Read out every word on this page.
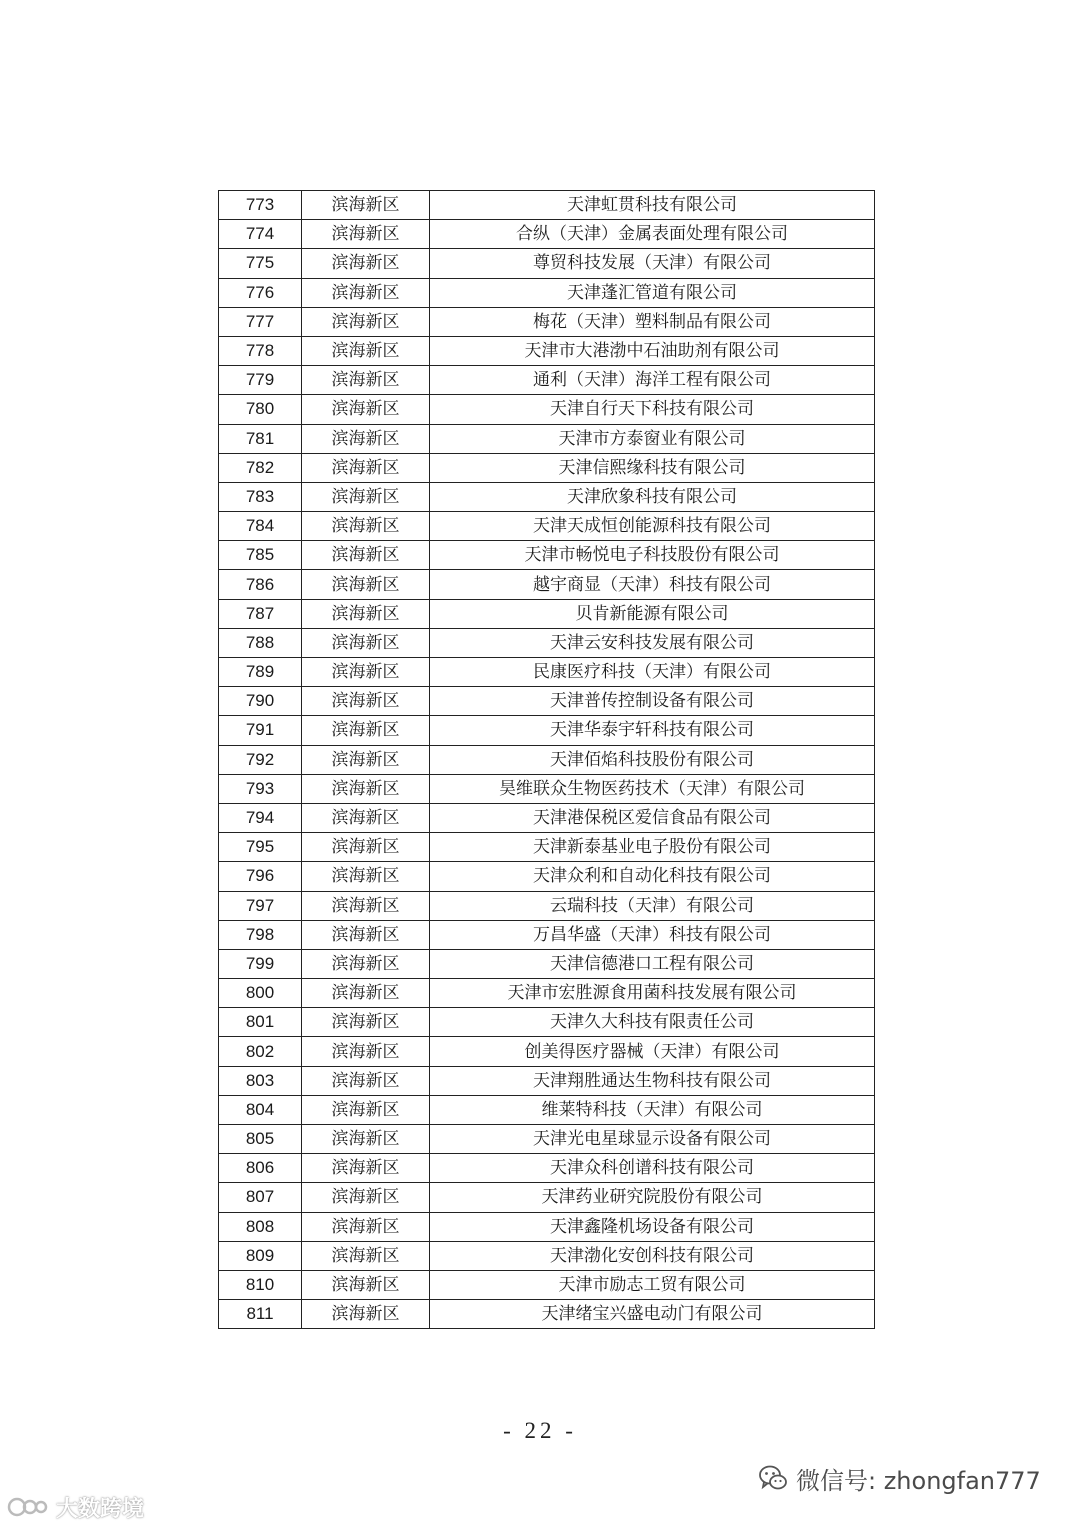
773	滨海新区	天津虹贯科技有限公司
774	滨海新区	合纵（天津）金属表面处理有限公司
775	滨海新区	尊贸科技发展（天津）有限公司
776	滨海新区	天津蓬汇管道有限公司
777	滨海新区	梅花（天津）塑料制品有限公司
778	滨海新区	天津市大港渤中石油助剂有限公司
779	滨海新区	通利（天津）海洋工程有限公司
780	滨海新区	天津自行天下科技有限公司
781	滨海新区	天津市方泰窗业有限公司
782	滨海新区	天津信熙缘科技有限公司
783	滨海新区	天津欣象科技有限公司
784	滨海新区	天津天成恒创能源科技有限公司
785	滨海新区	天津市畅悦电子科技股份有限公司
786	滨海新区	越宇商显（天津）科技有限公司
787	滨海新区	贝肯新能源有限公司
788	滨海新区	天津云安科技发展有限公司
789	滨海新区	民康医疗科技（天津）有限公司
790	滨海新区	天津普传控制设备有限公司
791	滨海新区	天津华泰宇轩科技有限公司
792	滨海新区	天津佰焰科技股份有限公司
793	滨海新区	昊维联众生物医药技术（天津）有限公司
794	滨海新区	天津港保税区爱信食品有限公司
795	滨海新区	天津新泰基业电子股份有限公司
796	滨海新区	天津众利和自动化科技有限公司
797	滨海新区	云瑞科技（天津）有限公司
798	滨海新区	万昌华盛（天津）科技有限公司
799	滨海新区	天津信德港口工程有限公司
800	滨海新区	天津市宏胜源食用菌科技发展有限公司
801	滨海新区	天津久大科技有限责任公司
802	滨海新区	创美得医疗器械（天津）有限公司
803	滨海新区	天津翔胜通达生物科技有限公司
804	滨海新区	维莱特科技（天津）有限公司
805	滨海新区	天津光电星球显示设备有限公司
806	滨海新区	天津众科创谱科技有限公司
807	滨海新区	天津药业研究院股份有限公司
808	滨海新区	天津鑫隆机场设备有限公司
809	滨海新区	天津渤化安创科技有限公司
810	滨海新区	天津市励志工贸有限公司
811	滨海新区	天津绪宝兴盛电动门有限公司
- 22 -
微信号: zhongfan777
大数跨境
